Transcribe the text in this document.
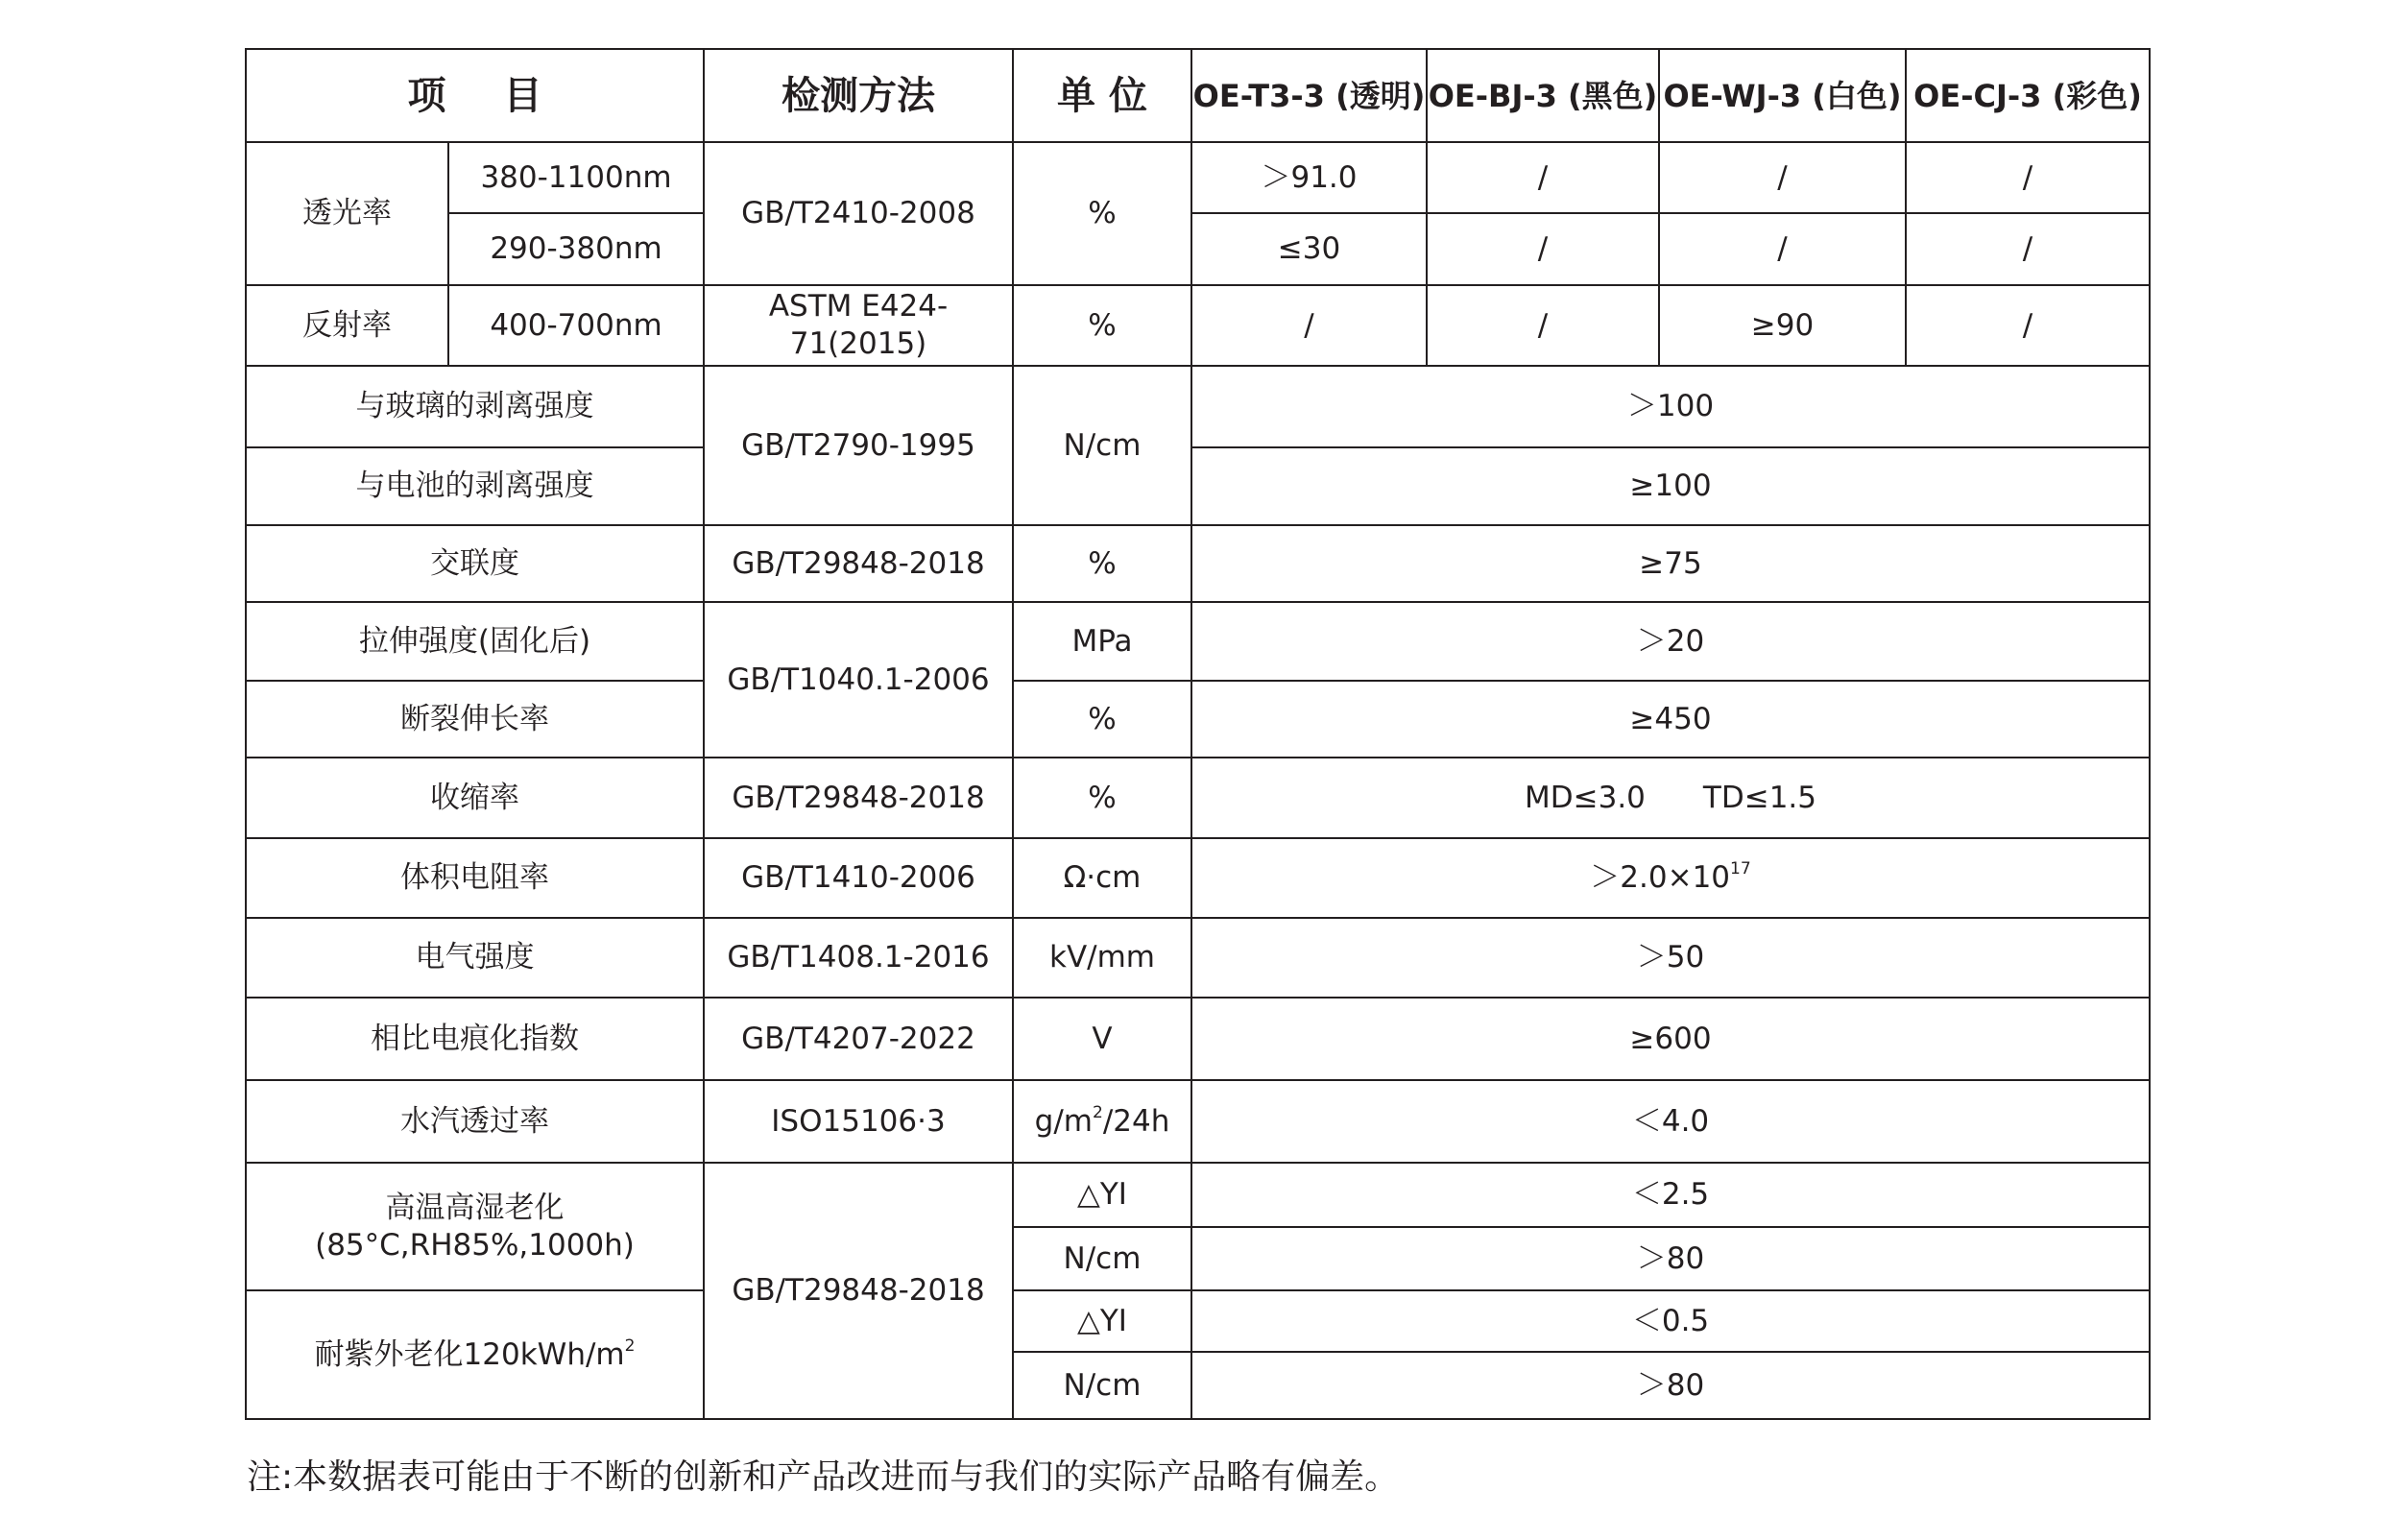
项 目		检测方法	单 位	OE-T3-3 (透明)	OE-BJ-3 (黑色)	OE-WJ-3 (白色)	OE-CJ-3 (彩色)
透光率	380-1100nm	GB/T2410-2008	%	＞91.0	/	/	/
	290-380nm			≤30	/	/	/
反射率	400-700nm	ASTM E424-71(2015)	%	/	/	≥90	/
与玻璃的剥离强度		GB/T2790-1995	N/cm	＞100			
与电池的剥离强度				≥100			
交联度		GB/T29848-2018	%	≥75			
拉伸强度(固化后)		GB/T1040.1-2006	MPa	＞20			
断裂伸长率			%	≥450			
收缩率		GB/T29848-2018	%	MD≤3.0 TD≤1.5			
体积电阻率		GB/T1410-2006	Ω·cm	$>2.0\times 10^{17}$
电气强度		GB/T1408.1-2016	kV/mm	＞50			
相比电痕化指数		GB/T4207-2022	V	≥600			
水汽透过率		ISO15106·3	$g/m^2/24h$	＜4.0			
高温高湿老化
(85°C,RH85%,1000h)		GB/T29848-2018	△YI	＜2.5			
			N/cm	＞80			
耐紫外老化$120kWh/m^2$			△YI	＜0.5			
			N/cm	＞80			
注:本数据表可能由于不断的创新和产品改进而与我们的实际产品略有偏差。
